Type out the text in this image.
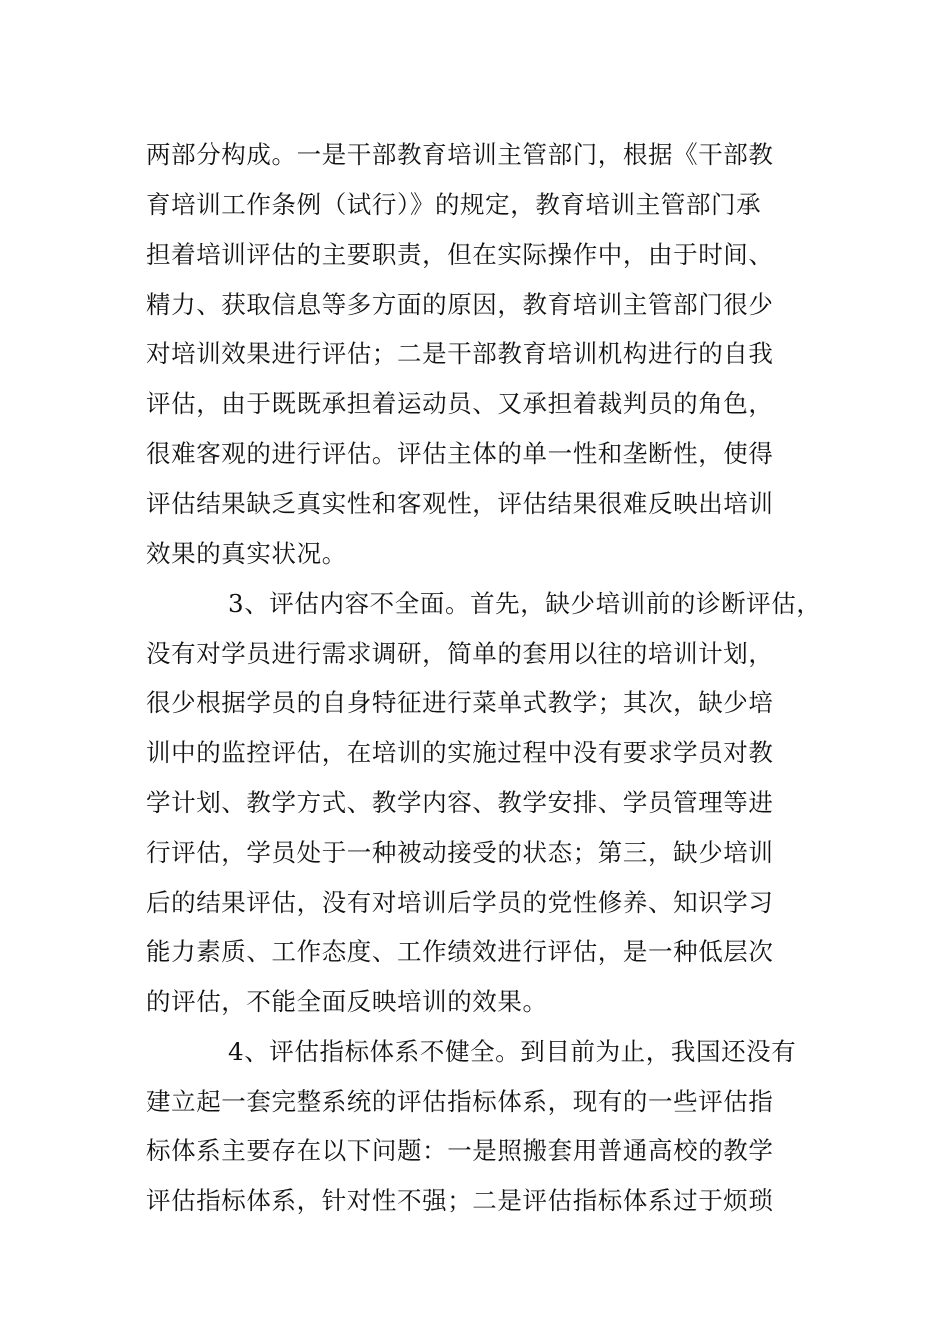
两部分构成。一是干部教育培训主管部门，根据《干部教
育培训工作条例（试行）》的规定，教育培训主管部门承
担着培训评估的主要职责，但在实际操作中，由于时间、
精力、获取信息等多方面的原因，教育培训主管部门很少
对培训效果进行评估；二是干部教育培训机构进行的自我
评估，由于既既承担着运动员、又承担着裁判员的角色，
很难客观的进行评估。评估主体的单一性和垄断性，使得
评估结果缺乏真实性和客观性，评估结果很难反映出培训
效果的真实状况。
3、评估内容不全面。首先，缺少培训前的诊断评估，
没有对学员进行需求调研，简单的套用以往的培训计划，
很少根据学员的自身特征进行菜单式教学；其次，缺少培
训中的监控评估，在培训的实施过程中没有要求学员对教
学计划、教学方式、教学内容、教学安排、学员管理等进
行评估，学员处于一种被动接受的状态；第三，缺少培训
后的结果评估，没有对培训后学员的党性修养、知识学习
能力素质、工作态度、工作绩效进行评估，是一种低层次
的评估，不能全面反映培训的效果。
4、评估指标体系不健全。到目前为止，我国还没有
建立起一套完整系统的评估指标体系，现有的一些评估指
标体系主要存在以下问题：一是照搬套用普通高校的教学
评估指标体系，针对性不强；二是评估指标体系过于烦琐
